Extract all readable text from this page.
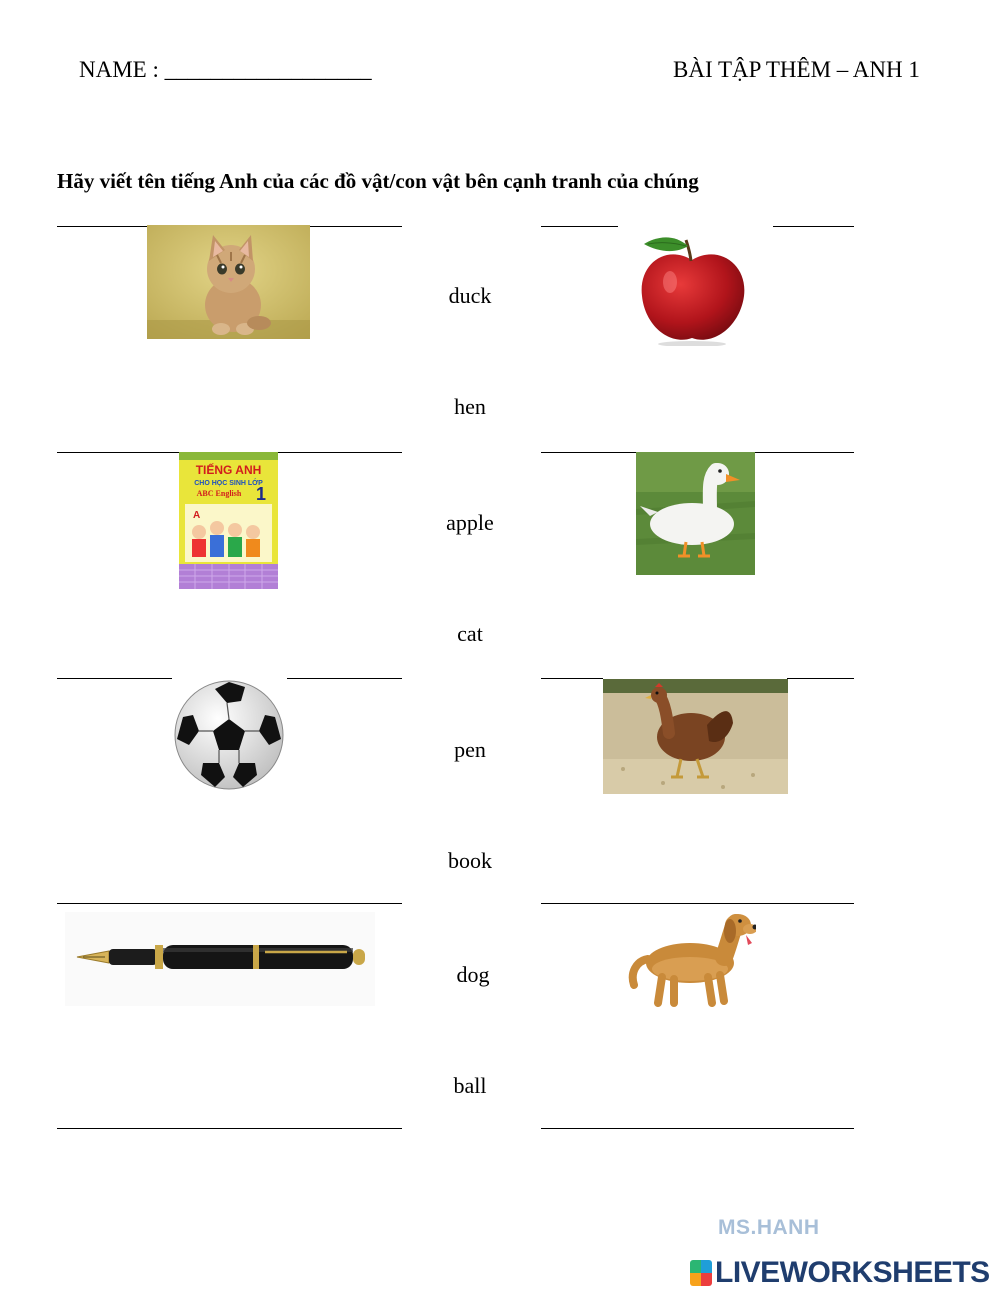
NAME : __________________	BÀI TẬP THÊM – ANH 1
Hãy viết tên tiếng Anh của các đồ vật/con vật bên cạnh tranh của chúng
duck
hen
apple
cat
pen
book
dog
ball
TIẾNG ANH
CHO HỌC SINH LỚP
ABC English 1
A
MS.HANH
LIVEWORKSHEETS
